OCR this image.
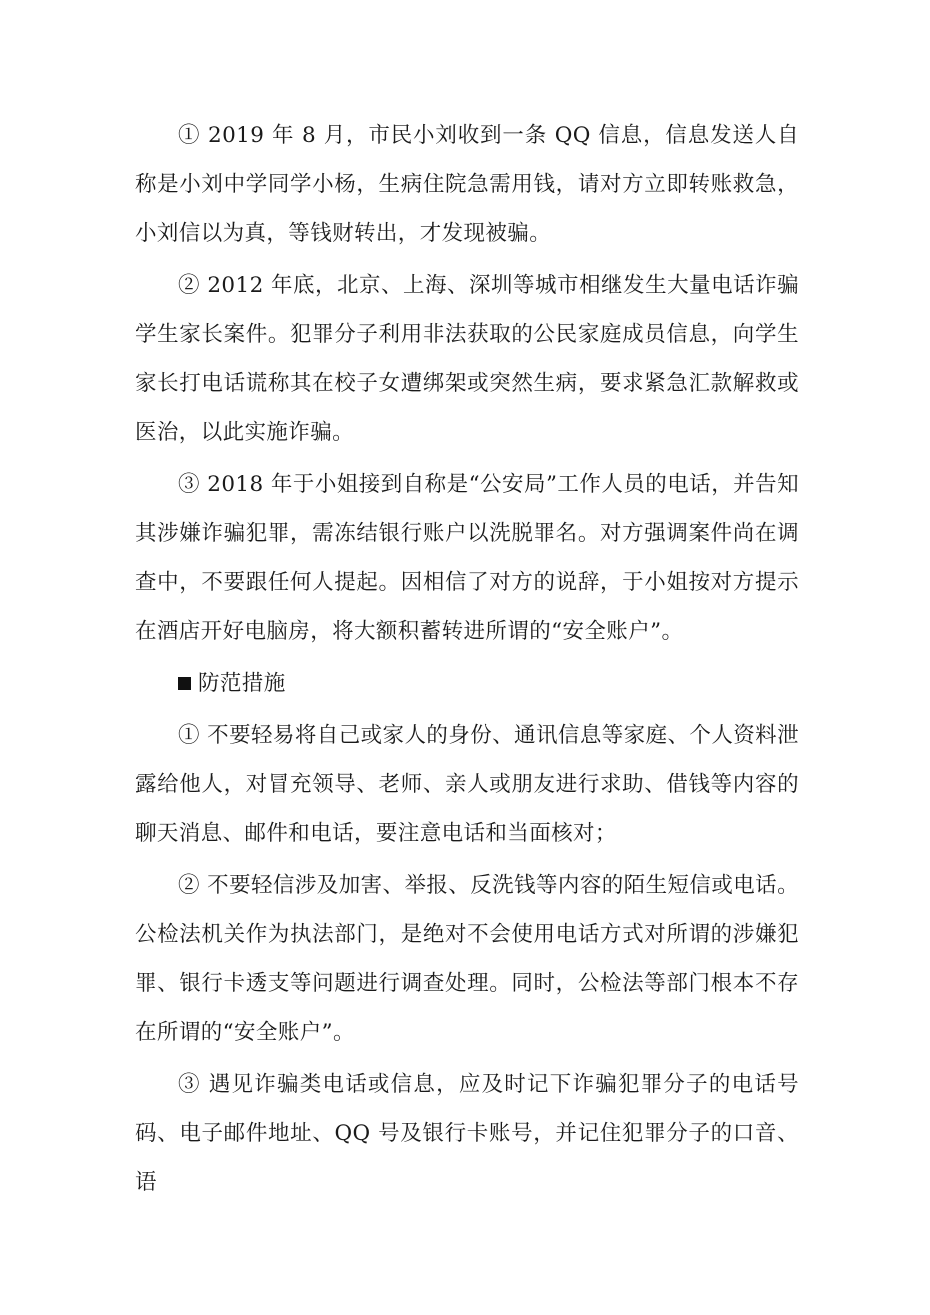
① 2019 年 8 月，市民小刘收到一条 QQ 信息，信息发送人自称是小刘中学同学小杨，生病住院急需用钱，请对方立即转账救急，小刘信以为真，等钱财转出，才发现被骗。

② 2012 年底，北京、上海、深圳等城市相继发生大量电话诈骗学生家长案件。犯罪分子利用非法获取的公民家庭成员信息，向学生家长打电话谎称其在校子女遭绑架或突然生病，要求紧急汇款解救或医治，以此实施诈骗。

③ 2018 年于小姐接到自称是“公安局”工作人员的电话，并告知其涉嫌诈骗犯罪，需冻结银行账户以洗脱罪名。对方强调案件尚在调查中，不要跟任何人提起。因相信了对方的说辞，于小姐按对方提示在酒店开好电脑房，将大额积蓄转进所谓的“安全账户”。

防范措施

① 不要轻易将自己或家人的身份、通讯信息等家庭、个人资料泄露给他人，对冒充领导、老师、亲人或朋友进行求助、借钱等内容的聊天消息、邮件和电话，要注意电话和当面核对；

② 不要轻信涉及加害、举报、反洗钱等内容的陌生短信或电话。公检法机关作为执法部门，是绝对不会使用电话方式对所谓的涉嫌犯罪、银行卡透支等问题进行调查处理。同时，公检法等部门根本不存在所谓的“安全账户”。

③ 遇见诈骗类电话或信息，应及时记下诈骗犯罪分子的电话号码、电子邮件地址、QQ 号及银行卡账号，并记住犯罪分子的口音、语
